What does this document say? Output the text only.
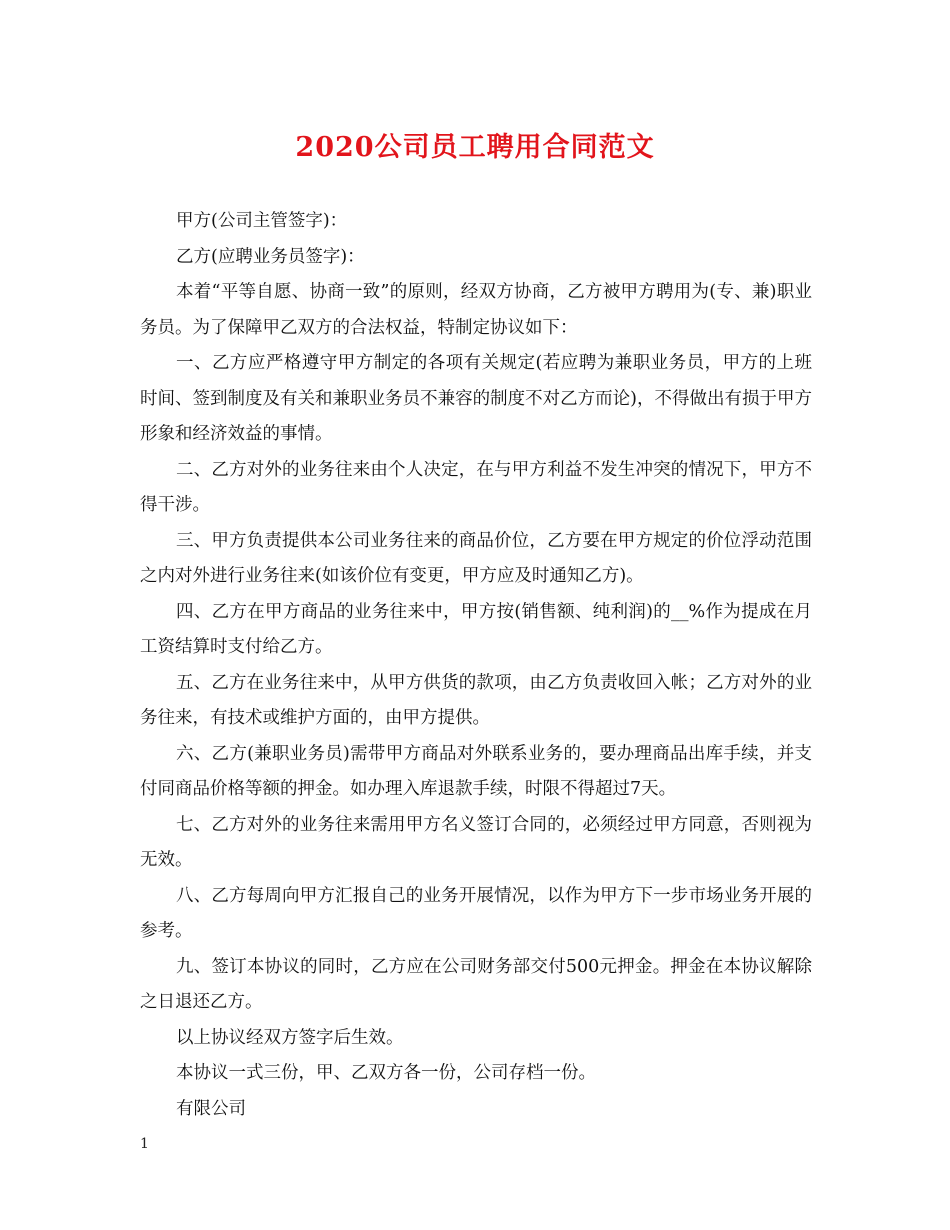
2020公司员工聘用合同范文

甲方(公司主管签字)：

乙方(应聘业务员签字)：

本着“平等自愿、协商一致”的原则，经双方协商，乙方被甲方聘用为(专、兼)职业务员。为了保障甲乙双方的合法权益，特制定协议如下：

一、乙方应严格遵守甲方制定的各项有关规定(若应聘为兼职业务员，甲方的上班时间、签到制度及有关和兼职业务员不兼容的制度不对乙方而论)，不得做出有损于甲方形象和经济效益的事情。

二、乙方对外的业务往来由个人决定，在与甲方利益不发生冲突的情况下，甲方不得干涉。

三、甲方负责提供本公司业务往来的商品价位，乙方要在甲方规定的价位浮动范围之内对外进行业务往来(如该价位有变更，甲方应及时通知乙方)。

四、乙方在甲方商品的业务往来中，甲方按(销售额、纯利润)的__%作为提成在月工资结算时支付给乙方。

五、乙方在业务往来中，从甲方供货的款项，由乙方负责收回入帐；乙方对外的业务往来，有技术或维护方面的，由甲方提供。

六、乙方(兼职业务员)需带甲方商品对外联系业务的，要办理商品出库手续，并支付同商品价格等额的押金。如办理入库退款手续，时限不得超过7天。

七、乙方对外的业务往来需用甲方名义签订合同的，必须经过甲方同意，否则视为无效。

八、乙方每周向甲方汇报自己的业务开展情况，以作为甲方下一步市场业务开展的参考。

九、签订本协议的同时，乙方应在公司财务部交付500元押金。押金在本协议解除之日退还乙方。

以上协议经双方签字后生效。

本协议一式三份，甲、乙双方各一份，公司存档一份。

有限公司

1
